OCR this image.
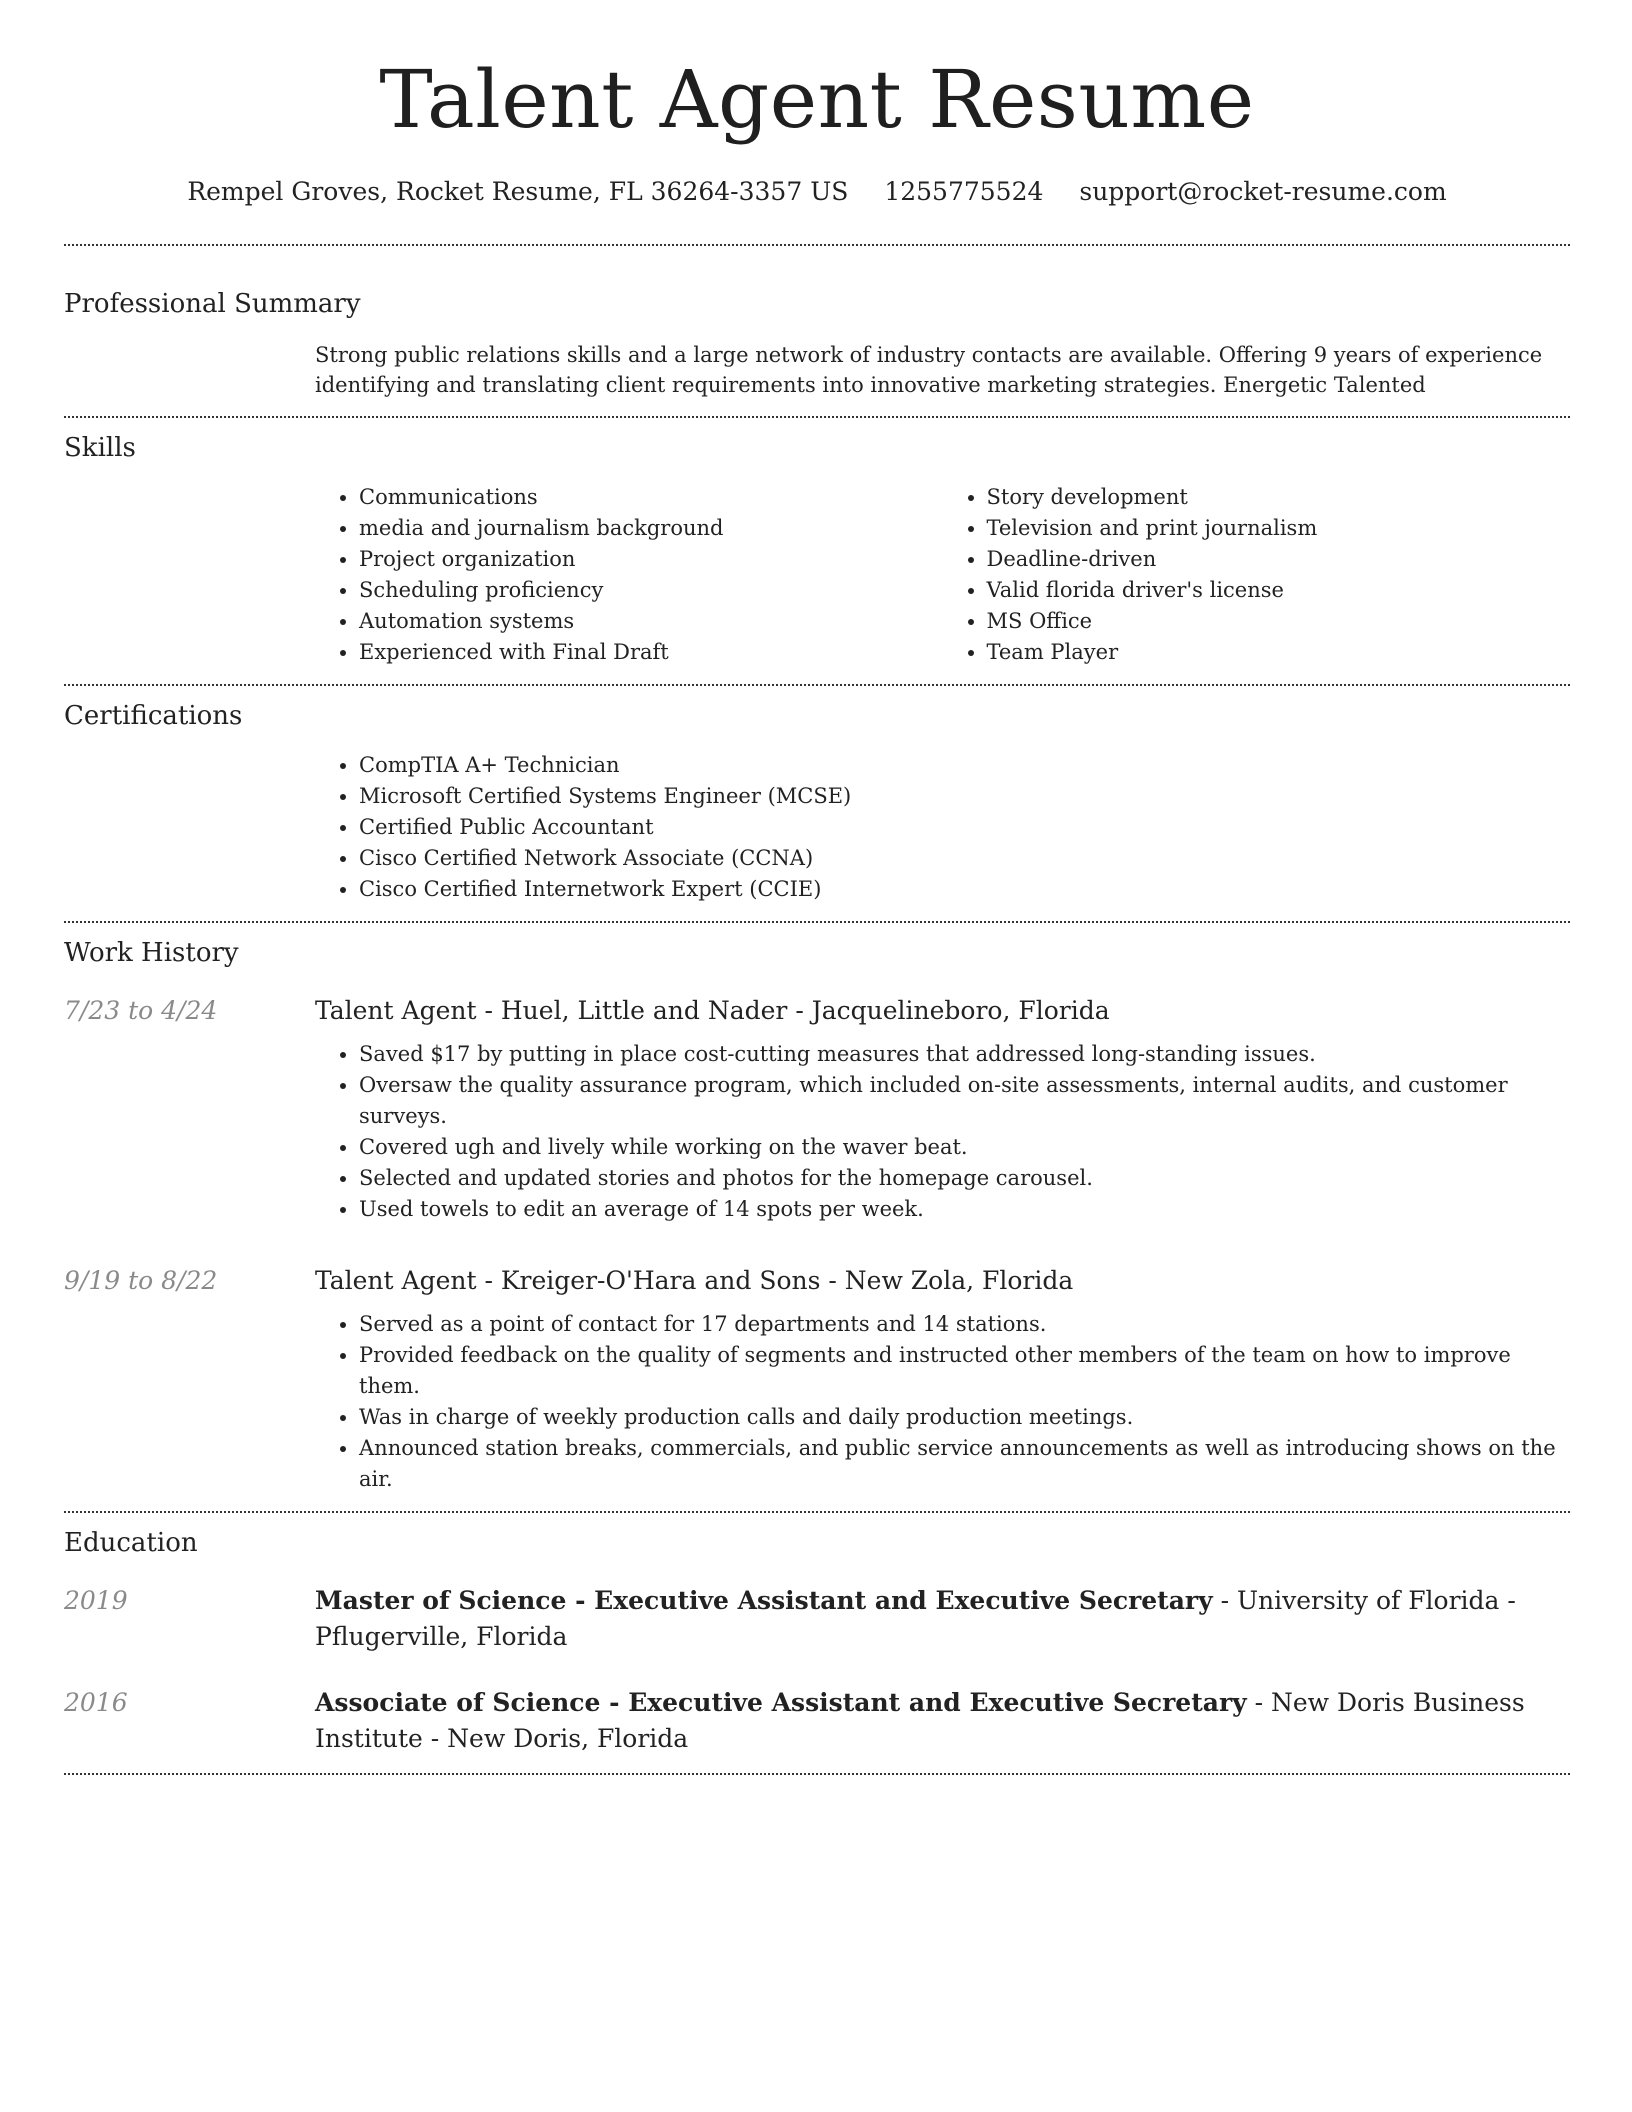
Talent Agent Resume
Rempel Groves, Rocket Resume, FL 36264-3357 US 1255775524 support@rocket-resume.com
Professional Summary
Strong public relations skills and a large network of industry contacts are available. Offering 9 years of experience identifying and translating client requirements into innovative marketing strategies. Energetic Talented
Skills
• Communications
• media and journalism background
• Project organization
• Scheduling proficiency
• Automation systems
• Experienced with Final Draft
• Story development
• Television and print journalism
• Deadline-driven
• Valid florida driver's license
• MS Office
• Team Player
Certifications
• CompTIA A+ Technician
• Microsoft Certified Systems Engineer (MCSE)
• Certified Public Accountant
• Cisco Certified Network Associate (CCNA)
• Cisco Certified Internetwork Expert (CCIE)
Work History
7/23 to 4/24	Talent Agent - Huel, Little and Nader - Jacquelineboro, Florida
• Saved $17 by putting in place cost-cutting measures that addressed long-standing issues.
• Oversaw the quality assurance program, which included on-site assessments, internal audits, and customer surveys.
• Covered ugh and lively while working on the waver beat.
• Selected and updated stories and photos for the homepage carousel.
• Used towels to edit an average of 14 spots per week.
9/19 to 8/22	Talent Agent - Kreiger-O'Hara and Sons - New Zola, Florida
• Served as a point of contact for 17 departments and 14 stations.
• Provided feedback on the quality of segments and instructed other members of the team on how to improve them.
• Was in charge of weekly production calls and daily production meetings.
• Announced station breaks, commercials, and public service announcements as well as introducing shows on the air.
Education
2019	Master of Science - Executive Assistant and Executive Secretary - University of Florida - Pflugerville, Florida
2016	Associate of Science - Executive Assistant and Executive Secretary - New Doris Business Institute - New Doris, Florida
